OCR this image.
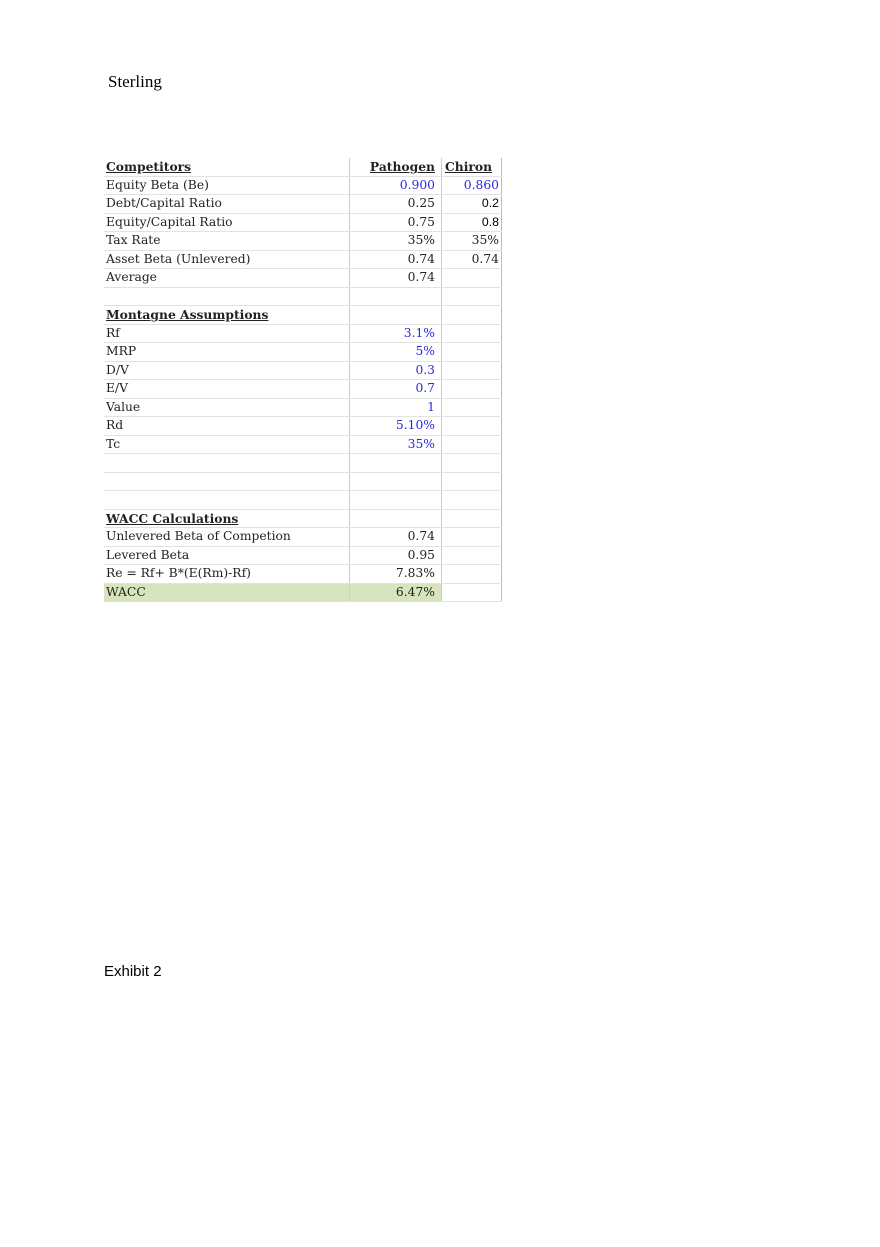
Sterling
Competitors	Pathogen	Chiron
Equity Beta (Be)	0.900	0.860
Debt/Capital Ratio	0.25	0.2
Equity/Capital Ratio	0.75	0.8
Tax Rate	35%	35%
Asset Beta (Unlevered)	0.74	0.74
Average	0.74	

Montagne Assumptions		
Rf	3.1%	
MRP	5%	
D/V	0.3	
E/V	0.7	
Value	1	
Rd	5.10%	
Tc	35%	

WACC Calculations		
Unlevered Beta of Competion	0.74	
Levered Beta	0.95	
Re = Rf+ B*(E(Rm)-Rf)	7.83%	
WACC	6.47%	
Exhibit 2
